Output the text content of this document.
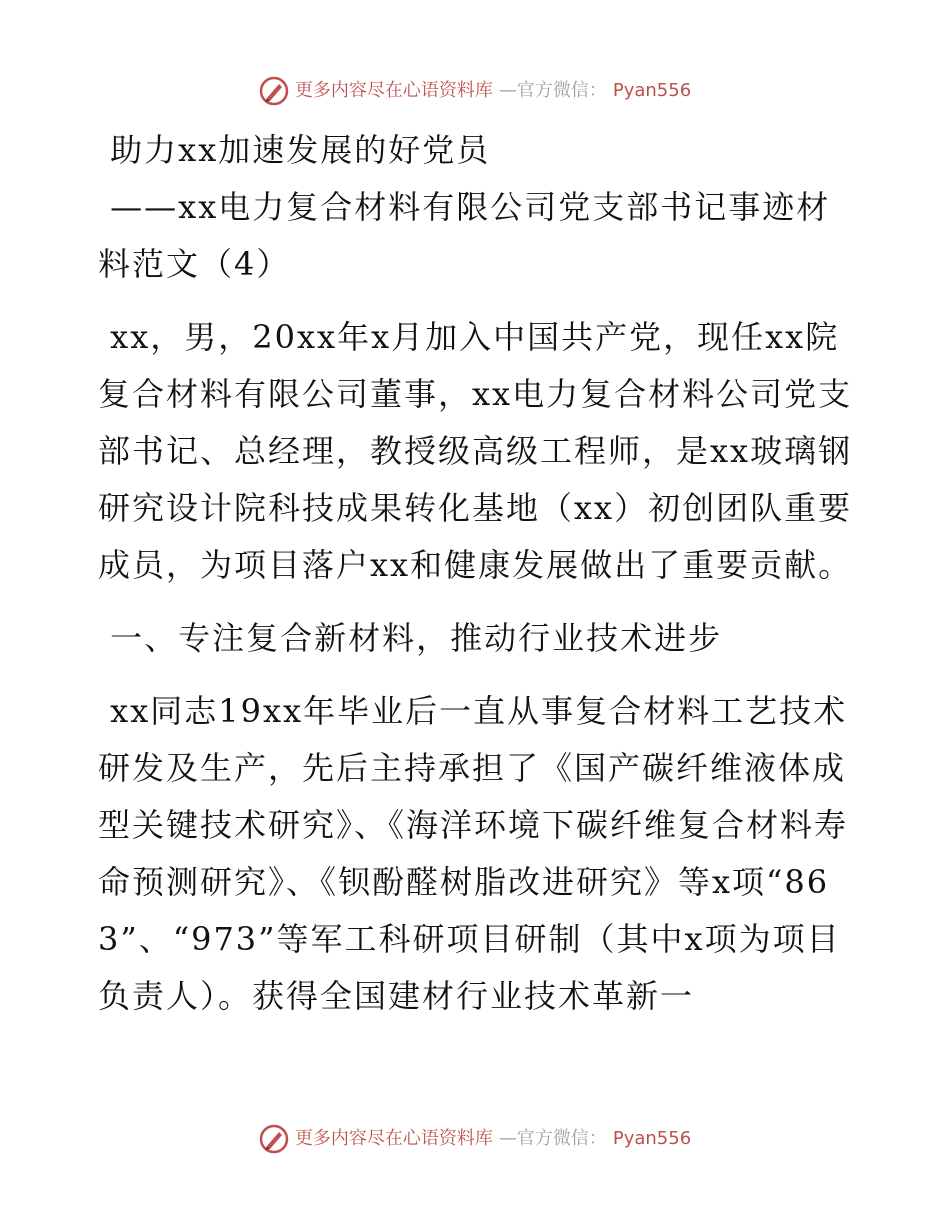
更多内容尽在心语资料库 —官方微信： Pyan556

助力xx加速发展的好党员

——xx电力复合材料有限公司党支部书记事迹材料范文（4）

xx，男，20xx年x月加入中国共产党，现任xx院复合材料有限公司董事，xx电力复合材料公司党支部书记、总经理，教授级高级工程师，是xx玻璃钢研究设计院科技成果转化基地（xx）初创团队重要成员，为项目落户xx和健康发展做出了重要贡献。

一、专注复合新材料，推动行业技术进步

xx同志19xx年毕业后一直从事复合材料工艺技术研发及生产，先后主持承担了《国产碳纤维液体成型关键技术研究》、《海洋环境下碳纤维复合材料寿命预测研究》、《钡酚醛树脂改进研究》等x项“863”、“973”等军工科研项目研制（其中x项为项目负责人）。获得全国建材行业技术革新一

更多内容尽在心语资料库 —官方微信： Pyan556
